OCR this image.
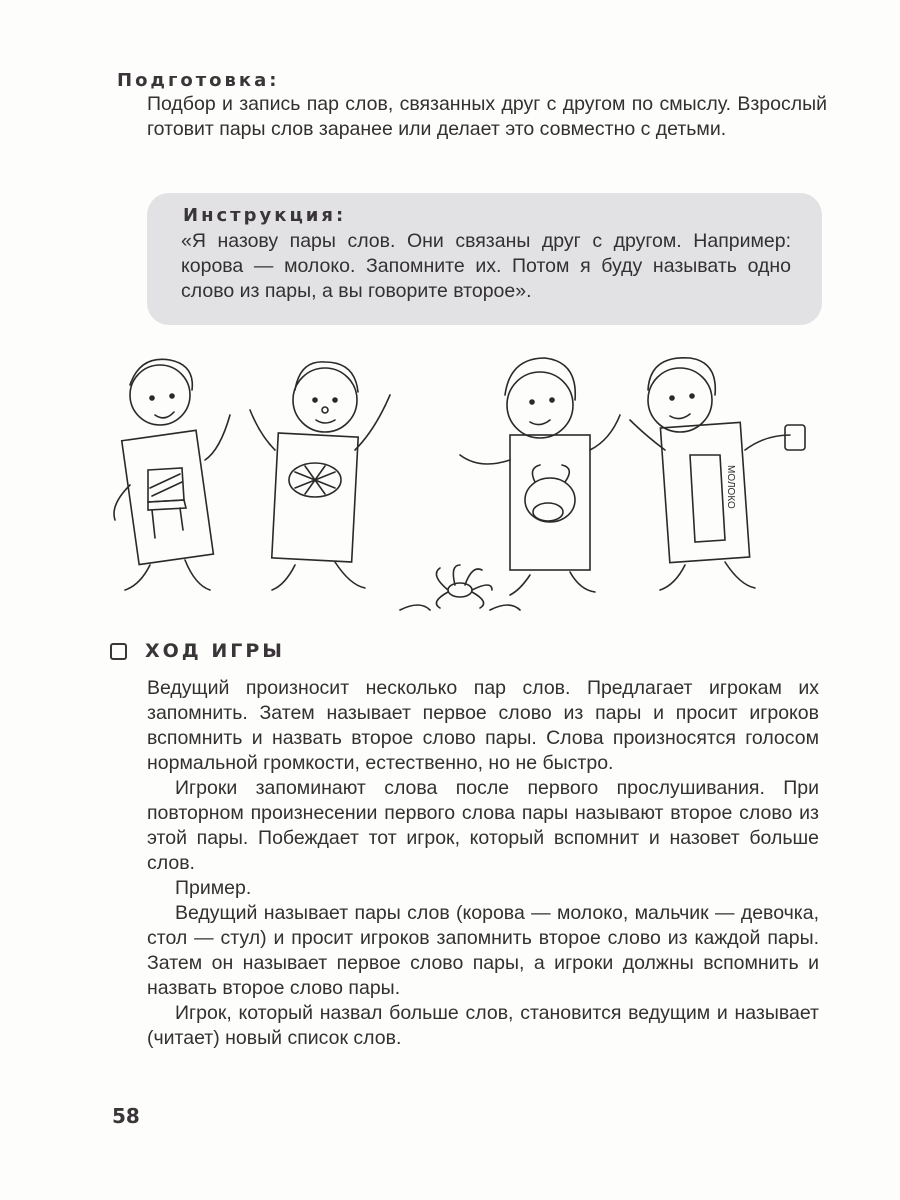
Подготовка:

Подбор и запись пар слов, связанных друг с другом по смыслу. Взрослый готовит пары слов заранее или делает это совместно с детьми.

Инструкция:

«Я назову пары слов. Они связаны друг с другом. Например: корова — молоко. Запомните их. Потом я буду называть одно слово из пары, а вы говорите второе».

МОЛОКО
ХОД ИГРЫ

Ведущий произносит несколько пар слов. Предлагает игрокам их запомнить. Затем называет первое слово из пары и просит игроков вспомнить и назвать второе слово пары. Слова произносятся голосом нормальной громкости, естественно, но не быстро.

Игроки запоминают слова после первого прослушивания. При повторном произнесении первого слова пары называют второе слово из этой пары. Побеждает тот игрок, который вспомнит и назовет больше слов.

Пример.

Ведущий называет пары слов (корова — молоко, мальчик — девочка, стол — стул) и просит игроков запомнить второе слово из каждой пары. Затем он называет первое слово пары, а игроки должны вспомнить и назвать второе слово пары.

Игрок, который назвал больше слов, становится ведущим и называет (читает) новый список слов.

58
